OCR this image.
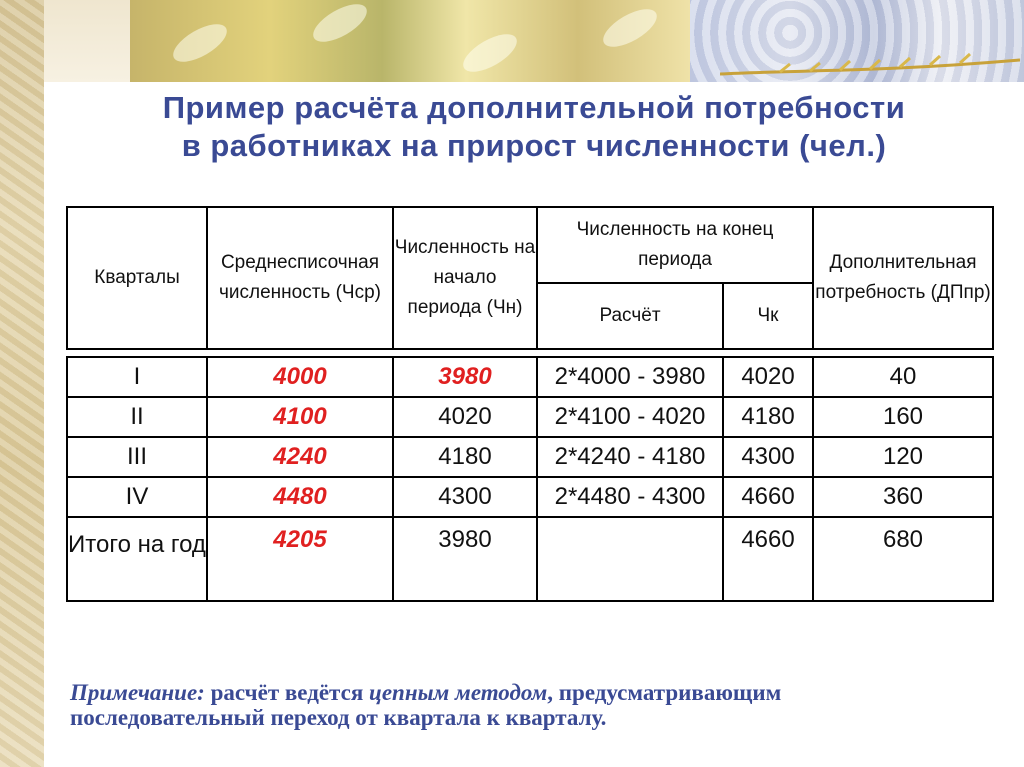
Пример расчёта дополнительной потребности
в работниках на прирост численности (чел.)
Кварталы	Среднесписочная численность (Чср)	Численность на начало периода (Чн)	Численность на конец периода		Дополнительная потребность (ДПпр)
			Расчёт	Чк	

I	4000	3980	2*4000 - 3980	4020	40
II	4100	4020	2*4100 - 4020	4180	160
III	4240	4180	2*4240 - 4180	4300	120
IV	4480	4300	2*4480 - 4300	4660	360
Итого на год	4205	3980		4660	680
Примечание: расчёт ведётся цепным методом, предусматривающим
последовательный переход от квартала к кварталу.
